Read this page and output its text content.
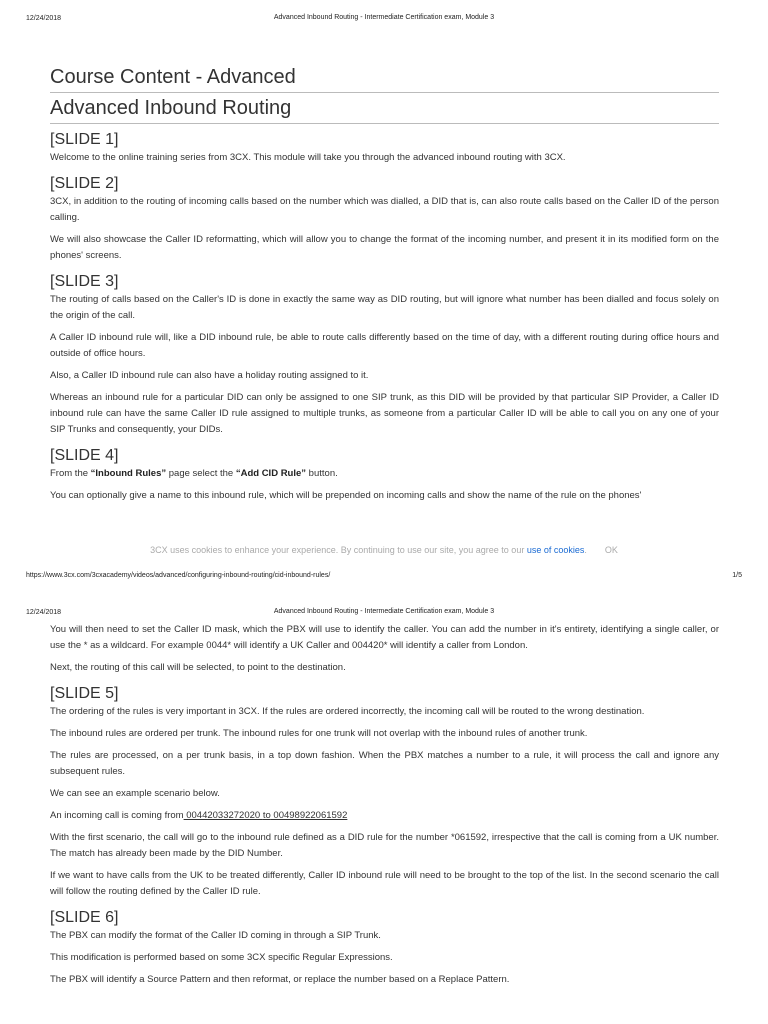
12/24/2018	Advanced Inbound Routing - Intermediate Certification exam, Module 3
Course Content - Advanced
Advanced Inbound Routing
[SLIDE 1]

Welcome to the online training series from 3CX. This module will take you through the advanced inbound routing with 3CX.

[SLIDE 2]

3CX, in addition to the routing of incoming calls based on the number which was dialled, a DID that is, can also route calls based on the Caller ID of the person calling.

We will also showcase the Caller ID reformatting, which will allow you to change the format of the incoming number, and present it in its modified form on the phones' screens.

[SLIDE 3]

The routing of calls based on the Caller's ID is done in exactly the same way as DID routing, but will ignore what number has been dialled and focus solely on the origin of the call.

A Caller ID inbound rule will, like a DID inbound rule, be able to route calls differently based on the time of day, with a different routing during office hours and outside of office hours.

Also, a Caller ID inbound rule can also have a holiday routing assigned to it.

Whereas an inbound rule for a particular DID can only be assigned to one SIP trunk, as this DID will be provided by that particular SIP Provider, a Caller ID inbound rule can have the same Caller ID rule assigned to multiple trunks, as someone from a particular Caller ID will be able to call you on any one of your SIP Trunks and consequently, your DIDs.

[SLIDE 4]

From the “Inbound Rules” page select the “Add CID Rule” button.

You can optionally give a name to this inbound rule, which will be prepended on incoming calls and show the name of the rule on the phones'

3CX uses cookies to enhance your experience. By continuing to use our site, you agree to our use of cookies. OK
https://www.3cx.com/3cxacademy/videos/advanced/configuring-inbound-routing/cid-inbound-rules/	1/5
12/24/2018	Advanced Inbound Routing - Intermediate Certification exam, Module 3

You will then need to set the Caller ID mask, which the PBX will use to identify the caller. You can add the number in it's entirety, identifying a single caller, or use the * as a wildcard. For example 0044* will identify a UK Caller and 004420* will identify a caller from London.

Next, the routing of this call will be selected, to point to the destination.

[SLIDE 5]

The ordering of the rules is very important in 3CX. If the rules are ordered incorrectly, the incoming call will be routed to the wrong destination.

The inbound rules are ordered per trunk. The inbound rules for one trunk will not overlap with the inbound rules of another trunk.

The rules are processed, on a per trunk basis, in a top down fashion. When the PBX matches a number to a rule, it will process the call and ignore any subsequent rules.

We can see an example scenario below.

An incoming call is coming from 00442033272020 to 00498922061592

With the first scenario, the call will go to the inbound rule defined as a DID rule for the number *061592, irrespective that the call is coming from a UK number. The match has already been made by the DID Number.

If we want to have calls from the UK to be treated differently, Caller ID inbound rule will need to be brought to the top of the list. In the second scenario the call will follow the routing defined by the Caller ID rule.

[SLIDE 6]

The PBX can modify the format of the Caller ID coming in through a SIP Trunk.

This modification is performed based on some 3CX specific Regular Expressions.

The PBX will identify a Source Pattern and then reformat, or replace the number based on a Replace Pattern.
